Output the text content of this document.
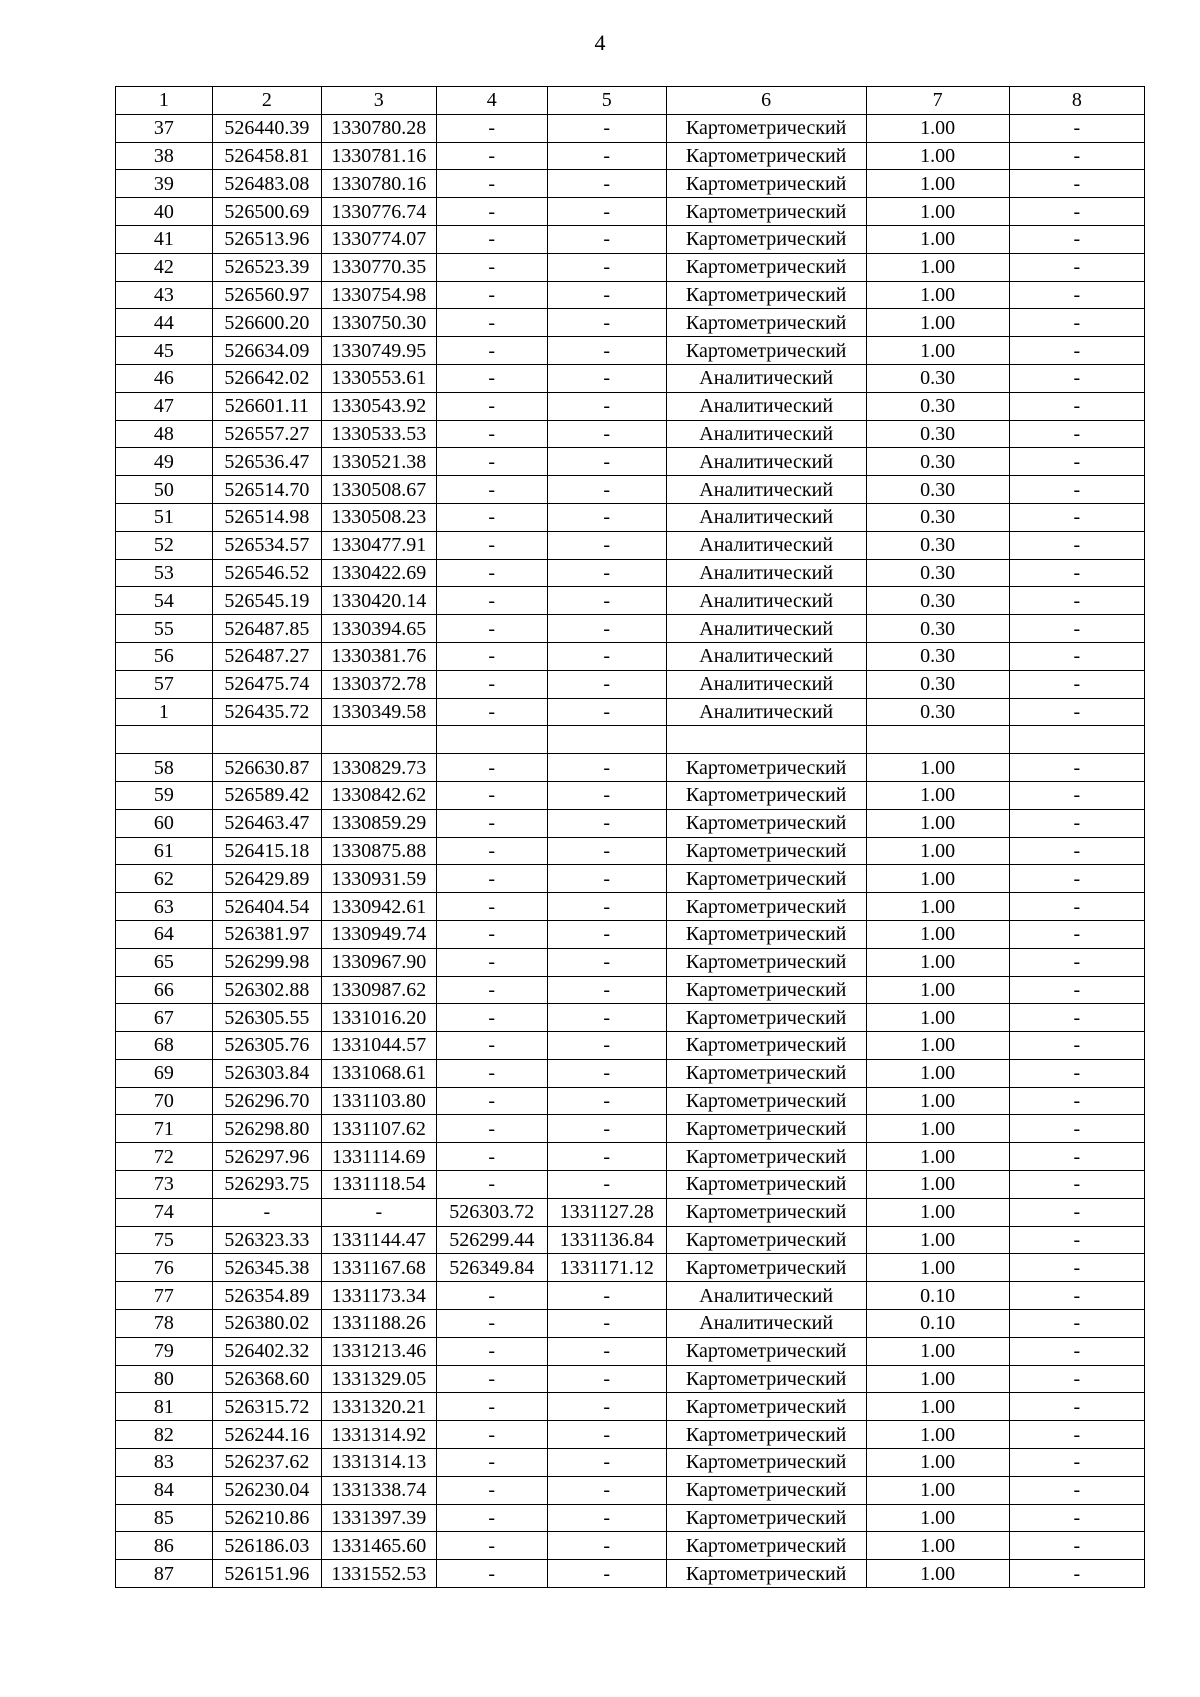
4
1	2	3	4	5	6	7	8
37	526440.39	1330780.28	-	-	Картометрический	1.00	-
38	526458.81	1330781.16	-	-	Картометрический	1.00	-
39	526483.08	1330780.16	-	-	Картометрический	1.00	-
40	526500.69	1330776.74	-	-	Картометрический	1.00	-
41	526513.96	1330774.07	-	-	Картометрический	1.00	-
42	526523.39	1330770.35	-	-	Картометрический	1.00	-
43	526560.97	1330754.98	-	-	Картометрический	1.00	-
44	526600.20	1330750.30	-	-	Картометрический	1.00	-
45	526634.09	1330749.95	-	-	Картометрический	1.00	-
46	526642.02	1330553.61	-	-	Аналитический	0.30	-
47	526601.11	1330543.92	-	-	Аналитический	0.30	-
48	526557.27	1330533.53	-	-	Аналитический	0.30	-
49	526536.47	1330521.38	-	-	Аналитический	0.30	-
50	526514.70	1330508.67	-	-	Аналитический	0.30	-
51	526514.98	1330508.23	-	-	Аналитический	0.30	-
52	526534.57	1330477.91	-	-	Аналитический	0.30	-
53	526546.52	1330422.69	-	-	Аналитический	0.30	-
54	526545.19	1330420.14	-	-	Аналитический	0.30	-
55	526487.85	1330394.65	-	-	Аналитический	0.30	-
56	526487.27	1330381.76	-	-	Аналитический	0.30	-
57	526475.74	1330372.78	-	-	Аналитический	0.30	-
1	526435.72	1330349.58	-	-	Аналитический	0.30	-

58	526630.87	1330829.73	-	-	Картометрический	1.00	-
59	526589.42	1330842.62	-	-	Картометрический	1.00	-
60	526463.47	1330859.29	-	-	Картометрический	1.00	-
61	526415.18	1330875.88	-	-	Картометрический	1.00	-
62	526429.89	1330931.59	-	-	Картометрический	1.00	-
63	526404.54	1330942.61	-	-	Картометрический	1.00	-
64	526381.97	1330949.74	-	-	Картометрический	1.00	-
65	526299.98	1330967.90	-	-	Картометрический	1.00	-
66	526302.88	1330987.62	-	-	Картометрический	1.00	-
67	526305.55	1331016.20	-	-	Картометрический	1.00	-
68	526305.76	1331044.57	-	-	Картометрический	1.00	-
69	526303.84	1331068.61	-	-	Картометрический	1.00	-
70	526296.70	1331103.80	-	-	Картометрический	1.00	-
71	526298.80	1331107.62	-	-	Картометрический	1.00	-
72	526297.96	1331114.69	-	-	Картометрический	1.00	-
73	526293.75	1331118.54	-	-	Картометрический	1.00	-
74	-	-	526303.72	1331127.28	Картометрический	1.00	-
75	526323.33	1331144.47	526299.44	1331136.84	Картометрический	1.00	-
76	526345.38	1331167.68	526349.84	1331171.12	Картометрический	1.00	-
77	526354.89	1331173.34	-	-	Аналитический	0.10	-
78	526380.02	1331188.26	-	-	Аналитический	0.10	-
79	526402.32	1331213.46	-	-	Картометрический	1.00	-
80	526368.60	1331329.05	-	-	Картометрический	1.00	-
81	526315.72	1331320.21	-	-	Картометрический	1.00	-
82	526244.16	1331314.92	-	-	Картометрический	1.00	-
83	526237.62	1331314.13	-	-	Картометрический	1.00	-
84	526230.04	1331338.74	-	-	Картометрический	1.00	-
85	526210.86	1331397.39	-	-	Картометрический	1.00	-
86	526186.03	1331465.60	-	-	Картометрический	1.00	-
87	526151.96	1331552.53	-	-	Картометрический	1.00	-
